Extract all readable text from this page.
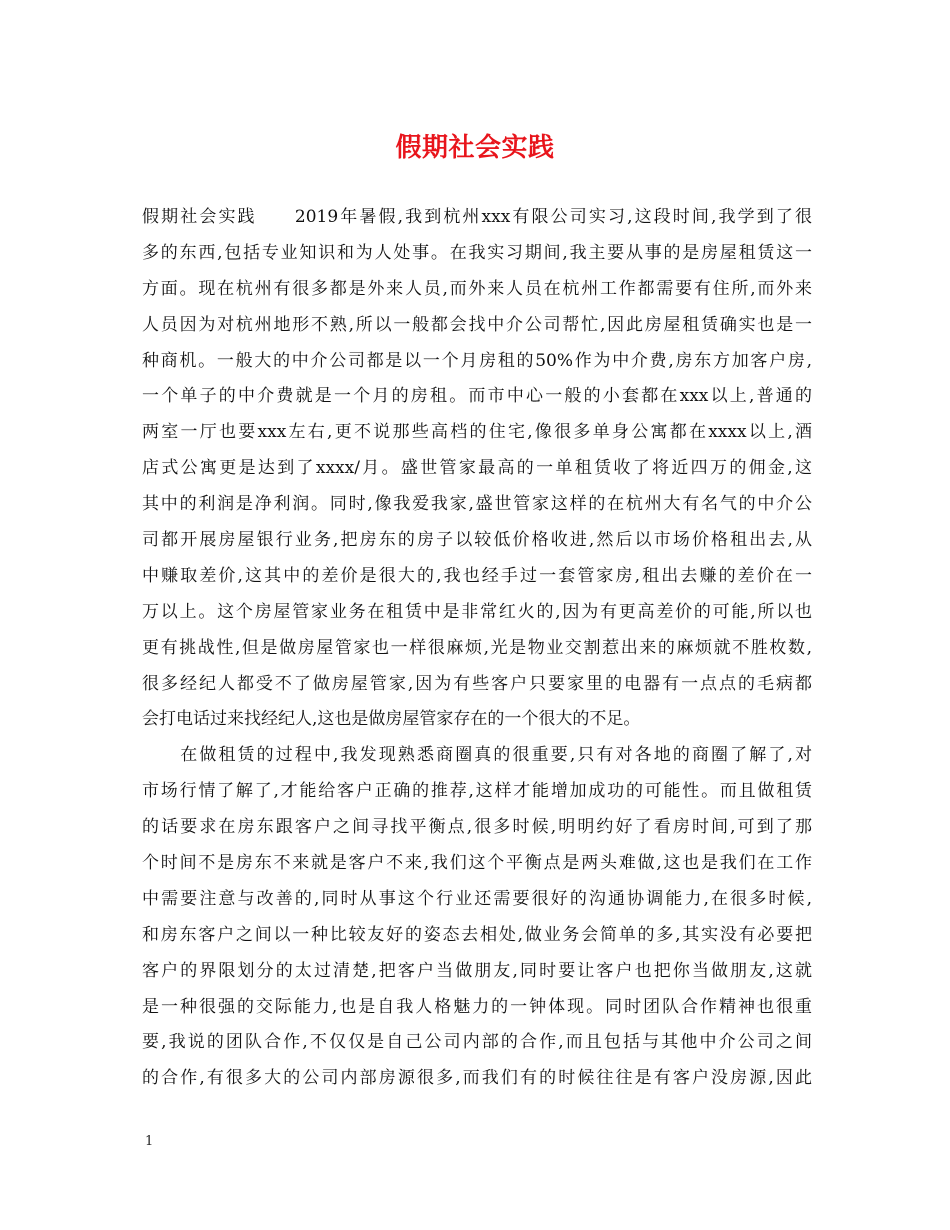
假期社会实践
假期社会实践　　2019年暑假,我到杭州xxx有限公司实习,这段时间,我学到了很
多的东西,包括专业知识和为人处事。在我实习期间,我主要从事的是房屋租赁这一
方面。现在杭州有很多都是外来人员,而外来人员在杭州工作都需要有住所,而外来
人员因为对杭州地形不熟,所以一般都会找中介公司帮忙,因此房屋租赁确实也是一
种商机。一般大的中介公司都是以一个月房租的50%作为中介费,房东方加客户房,
一个单子的中介费就是一个月的房租。而市中心一般的小套都在xxx以上,普通的
两室一厅也要xxx左右,更不说那些高档的住宅,像很多单身公寓都在xxxx以上,酒
店式公寓更是达到了xxxx/月。盛世管家最高的一单租赁收了将近四万的佣金,这
其中的利润是净利润。同时,像我爱我家,盛世管家这样的在杭州大有名气的中介公
司都开展房屋银行业务,把房东的房子以较低价格收进,然后以市场价格租出去,从
中赚取差价,这其中的差价是很大的,我也经手过一套管家房,租出去赚的差价在一
万以上。这个房屋管家业务在租赁中是非常红火的,因为有更高差价的可能,所以也
更有挑战性,但是做房屋管家也一样很麻烦,光是物业交割惹出来的麻烦就不胜枚数,
很多经纪人都受不了做房屋管家,因为有些客户只要家里的电器有一点点的毛病都
会打电话过来找经纪人,这也是做房屋管家存在的一个很大的不足。
　　在做租赁的过程中,我发现熟悉商圈真的很重要,只有对各地的商圈了解了,对
市场行情了解了,才能给客户正确的推荐,这样才能增加成功的可能性。而且做租赁
的话要求在房东跟客户之间寻找平衡点,很多时候,明明约好了看房时间,可到了那
个时间不是房东不来就是客户不来,我们这个平衡点是两头难做,这也是我们在工作
中需要注意与改善的,同时从事这个行业还需要很好的沟通协调能力,在很多时候,
和房东客户之间以一种比较友好的姿态去相处,做业务会简单的多,其实没有必要把
客户的界限划分的太过清楚,把客户当做朋友,同时要让客户也把你当做朋友,这就
是一种很强的交际能力,也是自我人格魅力的一钟体现。同时团队合作精神也很重
要,我说的团队合作,不仅仅是自己公司内部的合作,而且包括与其他中介公司之间
的合作,有很多大的公司内部房源很多,而我们有的时候往往是有客户没房源,因此
1
